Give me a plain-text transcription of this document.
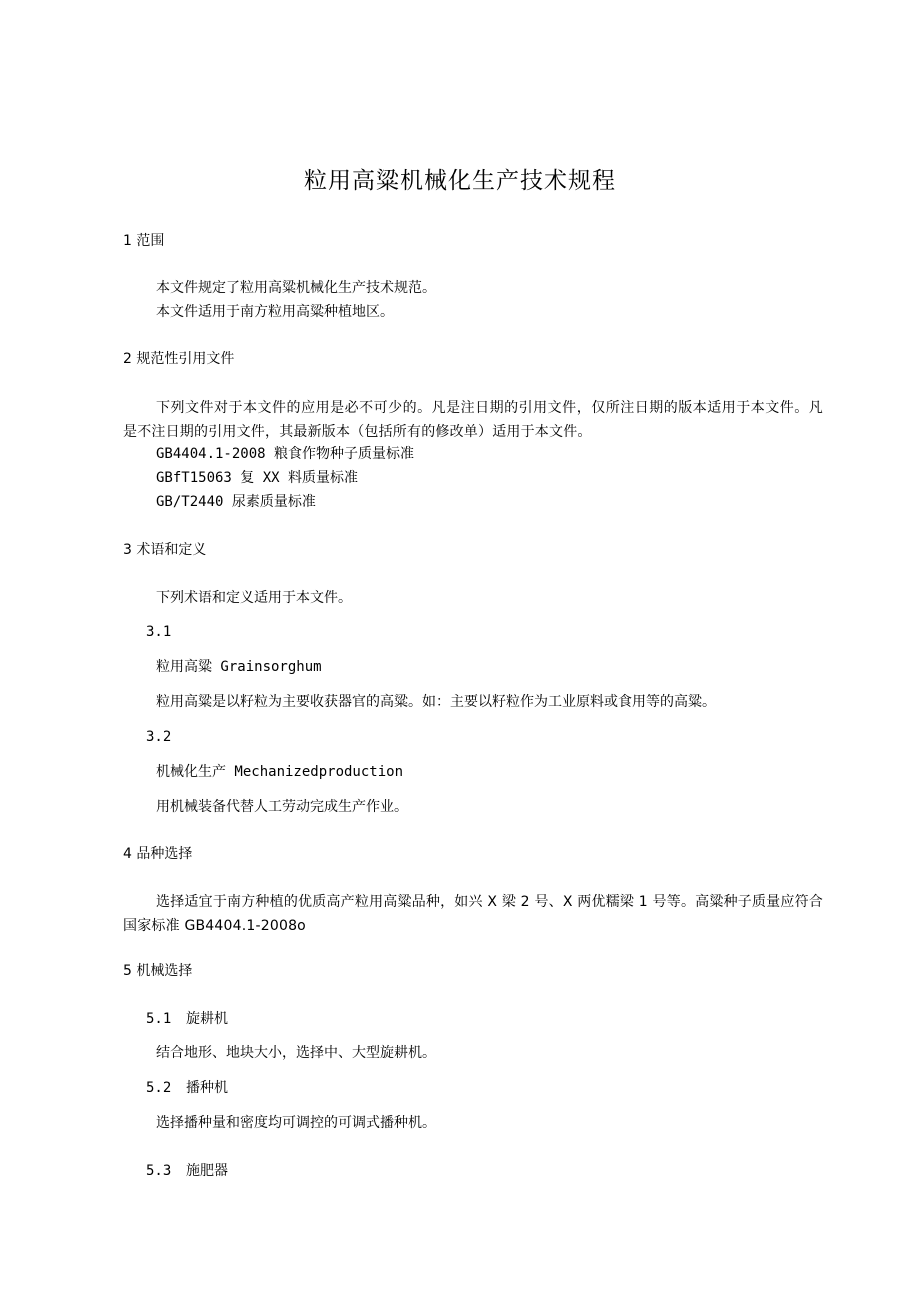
粒用高粱机械化生产技术规程
1 范围
本文件规定了粒用高粱机械化生产技术规范。
本文件适用于南方粒用高粱种植地区。
2 规范性引用文件
下列文件对于本文件的应用是必不可少的。凡是注日期的引用文件，仅所注日期的版本适用于本文件。凡是不注日期的引用文件，其最新版本（包括所有的修改单）适用于本文件。
GB4404.1-2008 粮食作物种子质量标准
GBfT15063 复 XX 料质量标准
GB/T2440 尿素质量标准
3 术语和定义
下列术语和定义适用于本文件。
3.1
粒用高粱 Grainsorghum
粒用高粱是以籽粒为主要收获器官的高粱。如：主要以籽粒作为工业原料或食用等的高粱。
3.2
机械化生产 Mechanizedproduction
用机械装备代替人工劳动完成生产作业。
4 品种选择
选择适宜于南方种植的优质高产粒用高粱品种，如兴 X 梁 2 号、X 两优糯梁 1 号等。高粱种子质量应符合国家标准 GB4404.1-2008o
5 机械选择
5.1 旋耕机
结合地形、地块大小，选择中、大型旋耕机。
5.2 播种机
选择播种量和密度均可调控的可调式播种机。
5.3 施肥器
